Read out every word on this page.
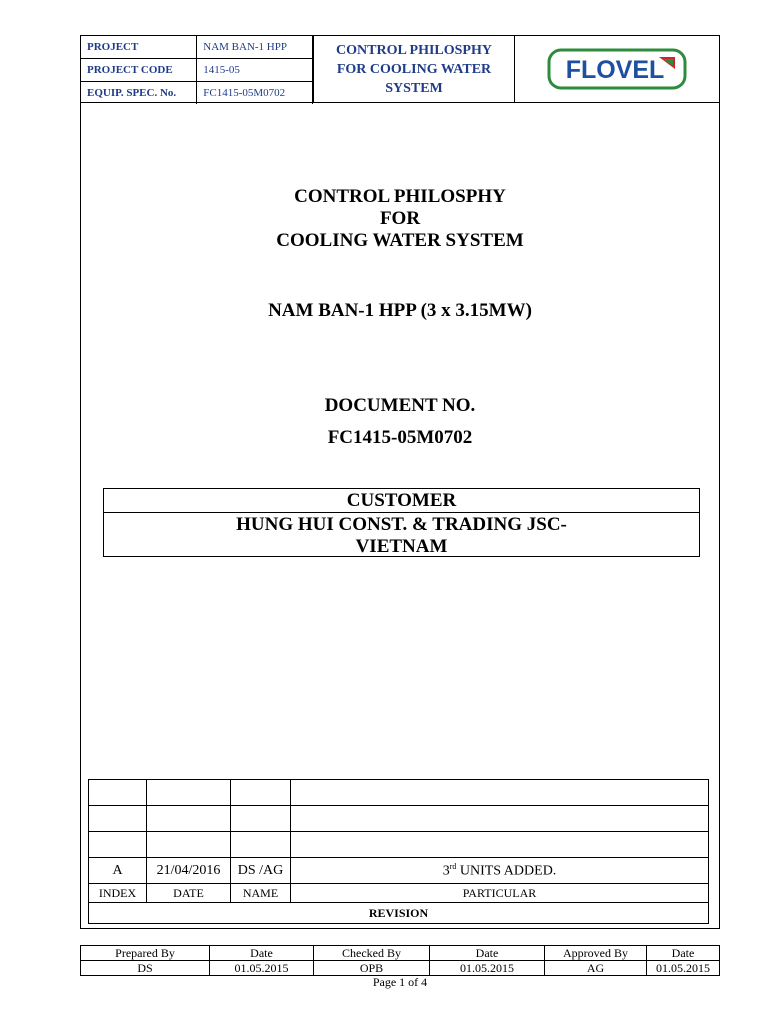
PROJECT	NAM BAN-1 HPP
PROJECT CODE	1415-05
EQUIP. SPEC. No.	FC1415-05M0702
CONTROL PHILOSPHY
FOR COOLING WATER
SYSTEM
FLOVEL
CONTROL PHILOSPHY
FOR
COOLING WATER SYSTEM
NAM BAN-1 HPP (3 x 3.15MW)
DOCUMENT NO.
FC1415-05M0702
CUSTOMER
HUNG HUI CONST. & TRADING JSC-
VIETNAM

A	21/04/2016	DS /AG	3rd UNITS ADDED.
INDEX	DATE	NAME	PARTICULAR
REVISION			
Prepared By	Date	Checked By	Date	Approved By	Date
DS	01.05.2015	OPB	01.05.2015	AG	01.05.2015
Page 1 of 4
